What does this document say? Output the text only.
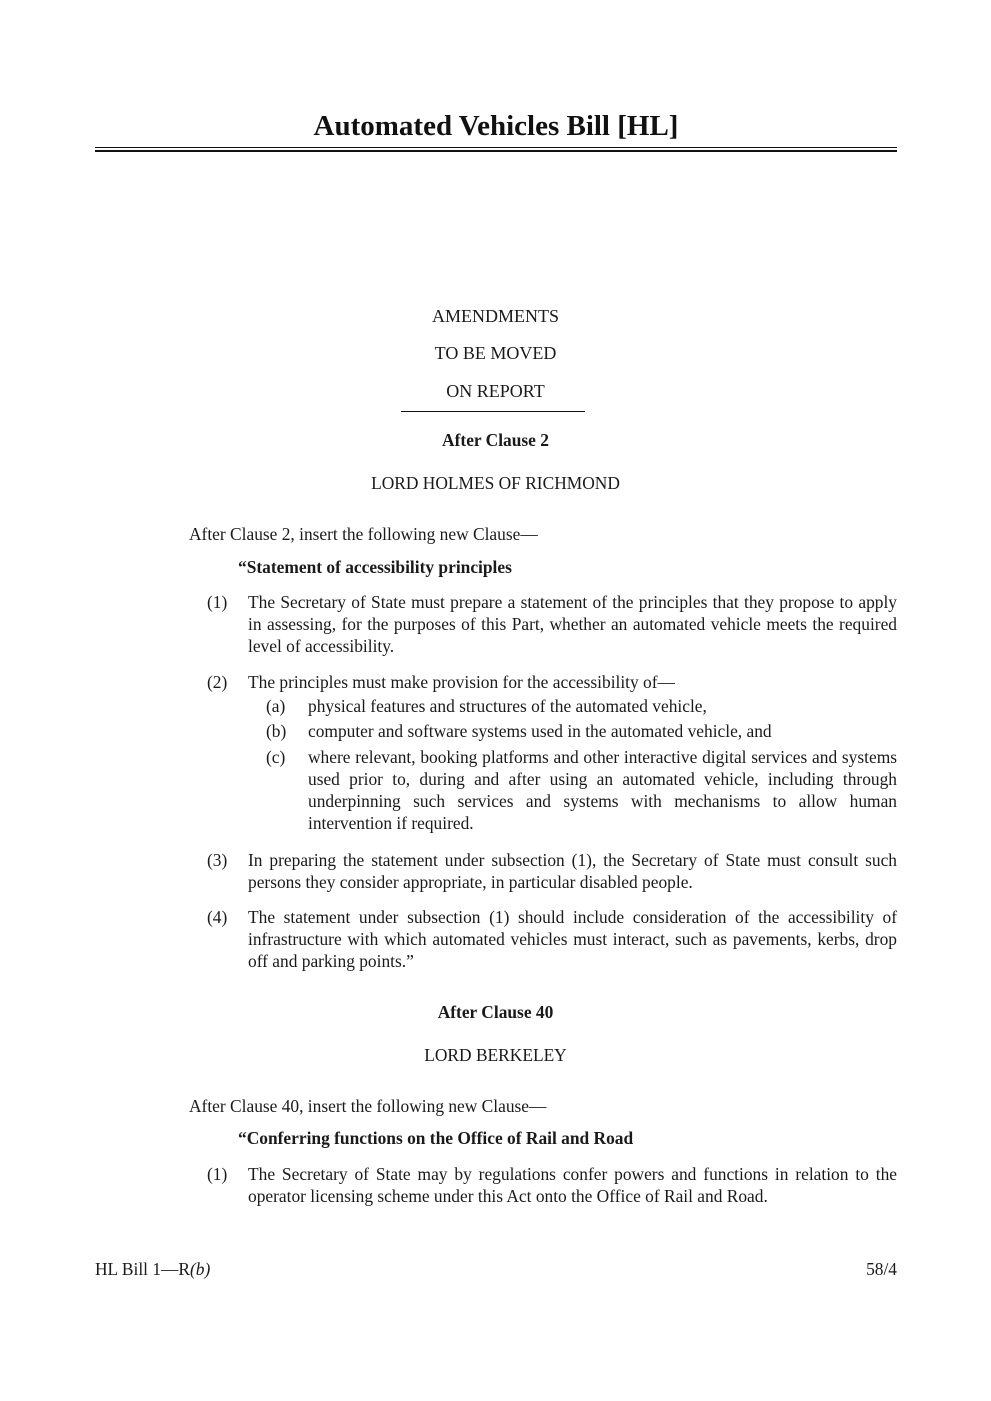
Automated Vehicles Bill [HL]
AMENDMENTS
TO BE MOVED
ON REPORT
After Clause 2
LORD HOLMES OF RICHMOND
After Clause 2, insert the following new Clause—
“Statement of accessibility principles
(1) The Secretary of State must prepare a statement of the principles that they propose to apply in assessing, for the purposes of this Part, whether an automated vehicle meets the required level of accessibility.
(2) The principles must make provision for the accessibility of—
(a) physical features and structures of the automated vehicle,
(b) computer and software systems used in the automated vehicle, and
(c) where relevant, booking platforms and other interactive digital services and systems used prior to, during and after using an automated vehicle, including through underpinning such services and systems with mechanisms to allow human intervention if required.
(3) In preparing the statement under subsection (1), the Secretary of State must consult such persons they consider appropriate, in particular disabled people.
(4) The statement under subsection (1) should include consideration of the accessibility of infrastructure with which automated vehicles must interact, such as pavements, kerbs, drop off and parking points.”
After Clause 40
LORD BERKELEY
After Clause 40, insert the following new Clause—
“Conferring functions on the Office of Rail and Road
(1) The Secretary of State may by regulations confer powers and functions in relation to the operator licensing scheme under this Act onto the Office of Rail and Road.
HL Bill 1—R(b)	58/4
